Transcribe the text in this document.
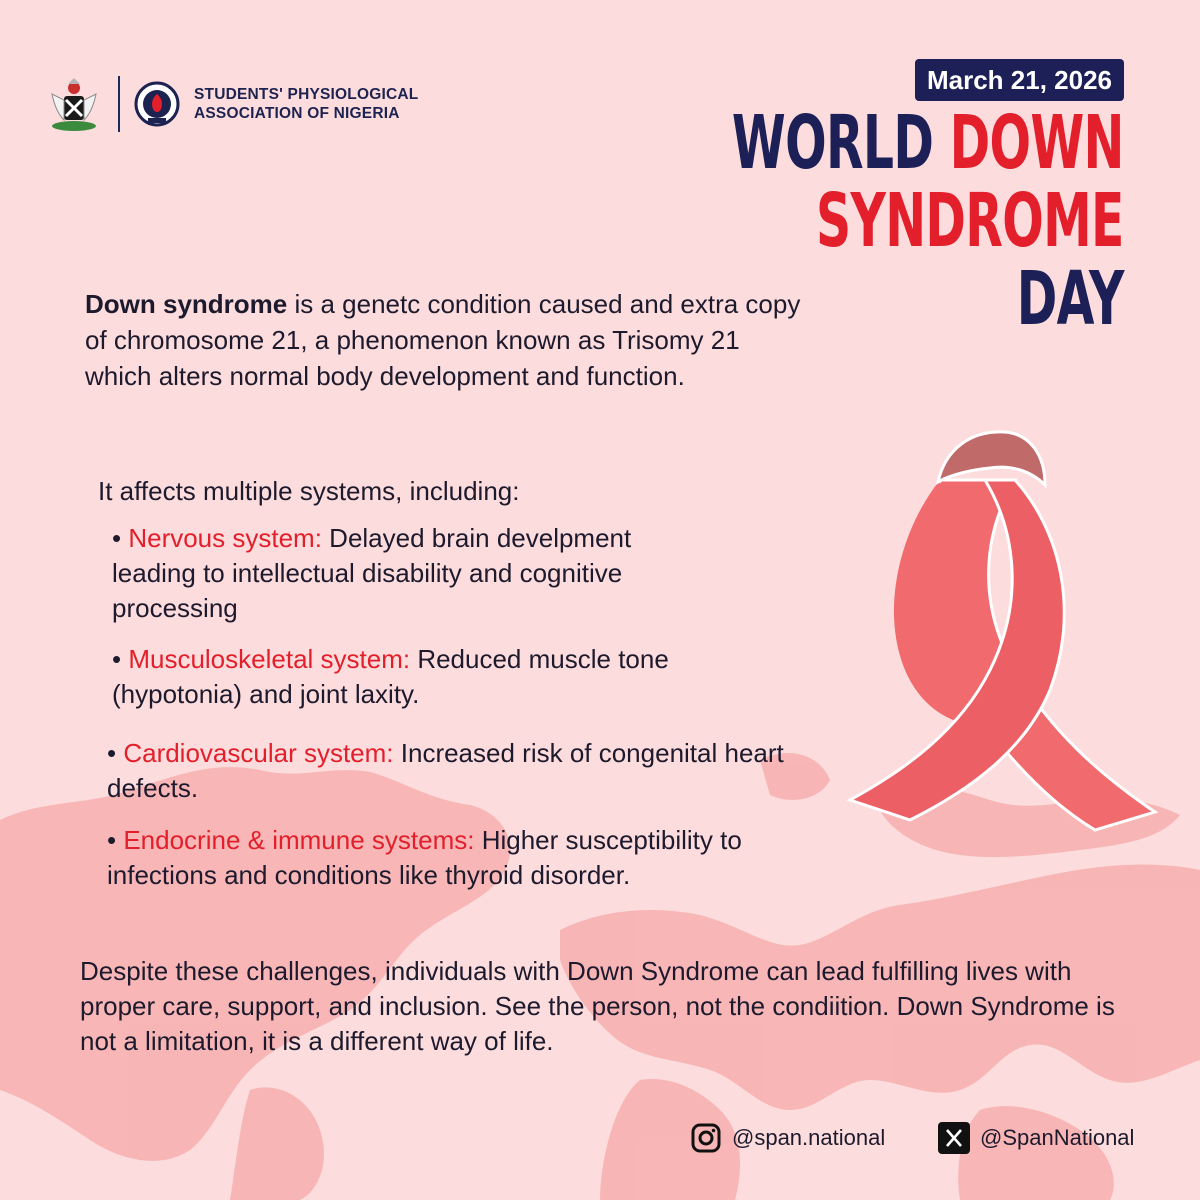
STUDENTS' PHYSIOLOGICAL
ASSOCIATION OF NIGERIA
March 21, 2026
WORLD DOWN
SYNDROME
DAY
Down syndrome is a genetc condition caused and extra copy of chromosome 21, a phenomenon known as Trisomy 21 which alters normal body development and function.
It affects multiple systems, including:
• Nervous system: Delayed brain develpment leading to intellectual disability and cognitive processing
• Musculoskeletal system: Reduced muscle tone (hypotonia) and joint laxity.
• Cardiovascular system: Increased risk of congenital heart defects.
• Endocrine & immune systems: Higher susceptibility to infections and conditions like thyroid disorder.
Despite these challenges, individuals with Down Syndrome can lead fulfilling lives with proper care, support, and inclusion. See the person, not the condiition. Down Syndrome is not a limitation, it is a different way of life.
@span.national	@SpanNational
